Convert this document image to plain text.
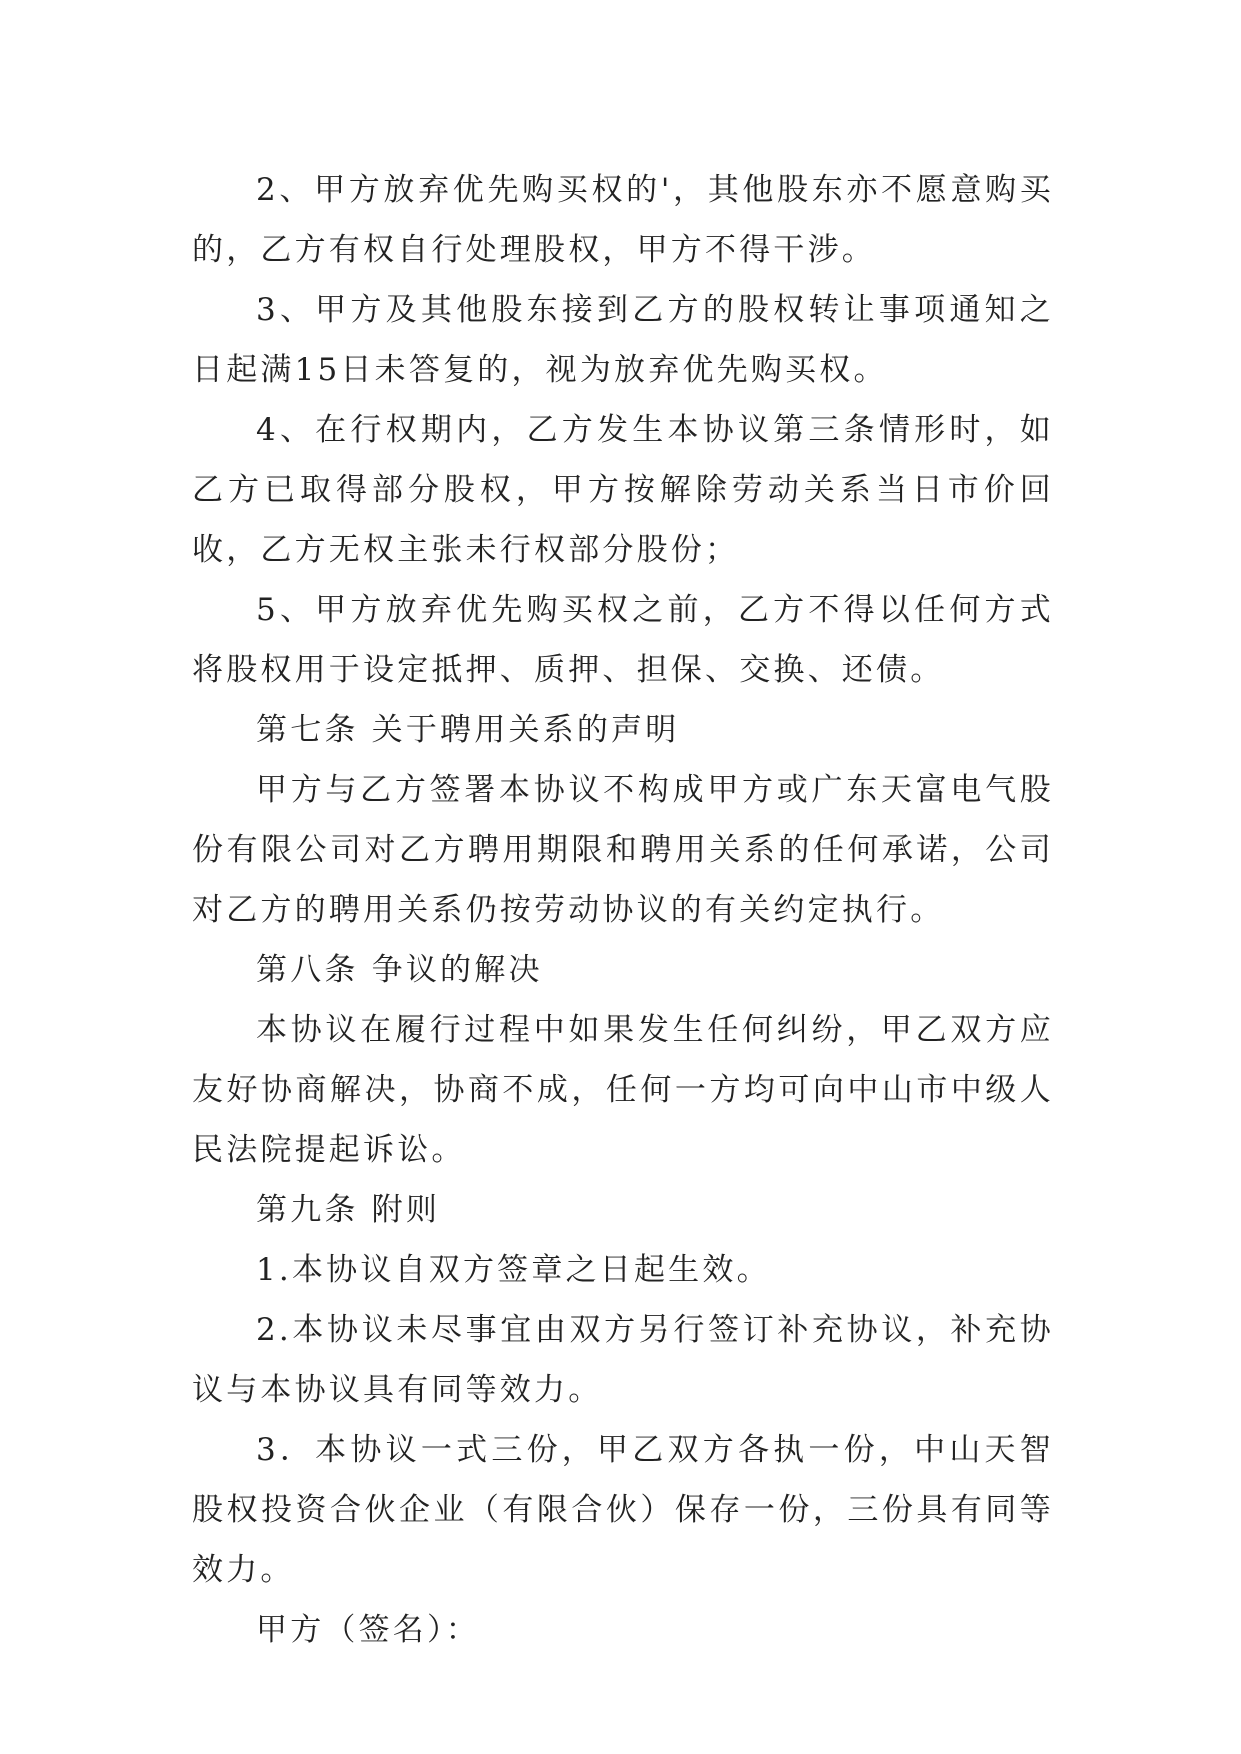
2、甲方放弃优先购买权的'，其他股东亦不愿意购买的，乙方有权自行处理股权，甲方不得干涉。

3、甲方及其他股东接到乙方的股权转让事项通知之日起满15日未答复的，视为放弃优先购买权。

4、在行权期内，乙方发生本协议第三条情形时，如乙方已取得部分股权，甲方按解除劳动关系当日市价回收，乙方无权主张未行权部分股份；

5、甲方放弃优先购买权之前，乙方不得以任何方式将股权用于设定抵押、质押、担保、交换、还债。

第七条 关于聘用关系的声明

甲方与乙方签署本协议不构成甲方或广东天富电气股份有限公司对乙方聘用期限和聘用关系的任何承诺，公司对乙方的聘用关系仍按劳动协议的有关约定执行。

第八条 争议的解决

本协议在履行过程中如果发生任何纠纷，甲乙双方应友好协商解决，协商不成，任何一方均可向中山市中级人民法院提起诉讼。

第九条 附则

1.本协议自双方签章之日起生效。

2.本协议未尽事宜由双方另行签订补充协议，补充协议与本协议具有同等效力。

3．本协议一式三份，甲乙双方各执一份，中山天智股权投资合伙企业（有限合伙）保存一份，三份具有同等效力。

甲方（签名）：
